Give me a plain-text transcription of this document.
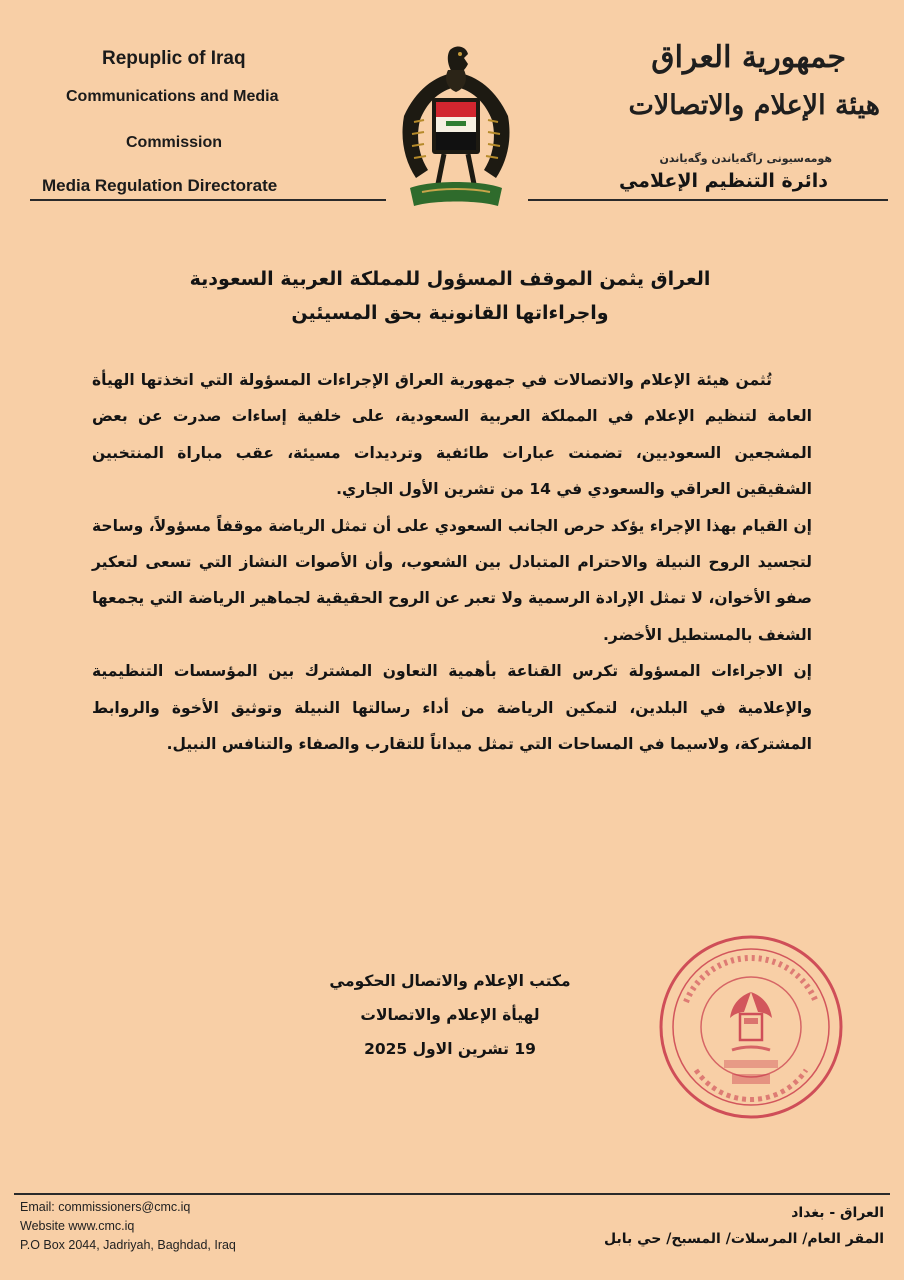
Repuplic of Iraq
Communications and Media
Commission
Media Regulation Directorate
جمهورية العراق
هيئة الإعلام والاتصالات
ھومەسیونی راگەیاندن وگەیاندن
دائرة التنظيم الإعلامي
العراق يثمن الموقف المسؤول للمملكة العربية السعودية
واجراءاتها القانونية بحق المسيئين

تُثمن هيئة الإعلام والاتصالات في جمهورية العراق الإجراءات المسؤولة التي اتخذتها الهيأة العامة لتنظيم الإعلام في المملكة العربية السعودية، على خلفية إساءات صدرت عن بعض المشجعين السعوديين، تضمنت عبارات طائفية وترديدات مسيئة، عقب مباراة المنتخبين الشقيقين العراقي والسعودي في 14 من تشرين الأول الجاري.

إن القيام بهذا الإجراء يؤكد حرص الجانب السعودي على أن تمثل الرياضة موقفاً مسؤولاً، وساحة لتجسيد الروح النبيلة والاحترام المتبادل بين الشعوب، وأن الأصوات النشاز التي تسعى لتعكير صفو الأخوان، لا تمثل الإرادة الرسمية ولا تعبر عن الروح الحقيقية لجماهير الرياضة التي يجمعها الشغف بالمستطيل الأخضر.

إن الاجراءات المسؤولة تكرس القناعة بأهمية التعاون المشترك بين المؤسسات التنظيمية والإعلامية في البلدين، لتمكين الرياضة من أداء رسالتها النبيلة وتوثيق الأخوة والروابط المشتركة، ولاسيما في المساحات التي تمثل ميداناً للتقارب والصفاء والتنافس النبيل.

مكتب الإعلام والاتصال الحكومي
لهيأة الإعلام والاتصالات
19 تشرين الاول 2025
Email: commissioners@cmc.iq
Website www.cmc.iq
P.O Box 2044, Jadriyah, Baghdad, Iraq
العراق - بغداد
المقر العام/ المرسلات/ المسبح/ حي بابل
